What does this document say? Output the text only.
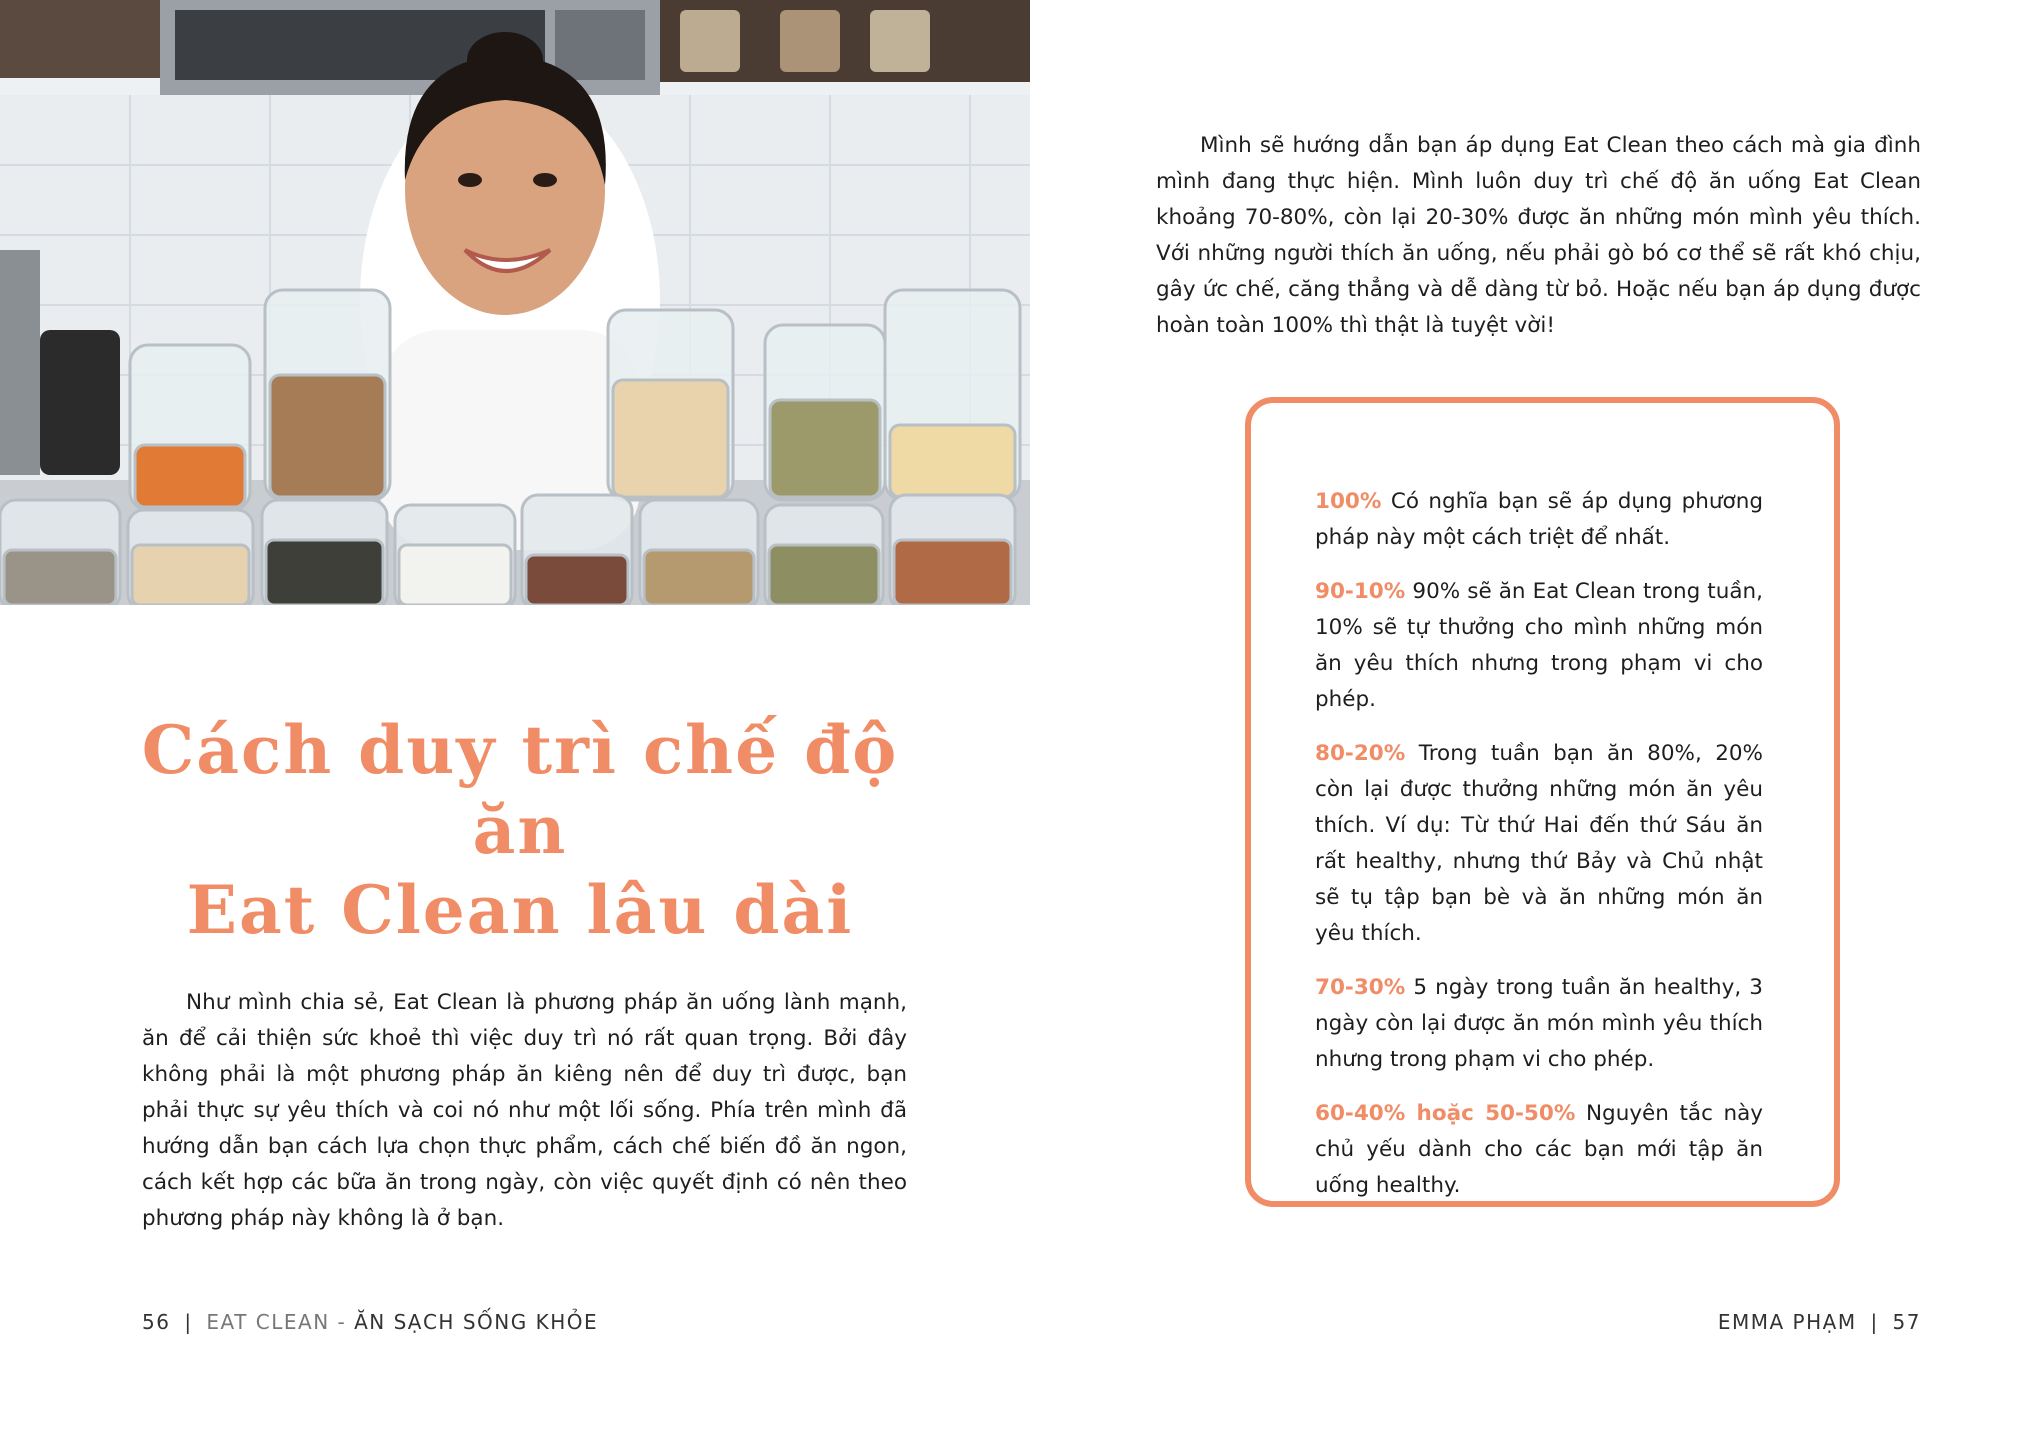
Cách duy trì chế độ ăn
Eat Clean lâu dài

Như mình chia sẻ, Eat Clean là phương pháp ăn uống lành mạnh, ăn để cải thiện sức khoẻ thì việc duy trì nó rất quan trọng. Bởi đây không phải là một phương pháp ăn kiêng nên để duy trì được, bạn phải thực sự yêu thích và coi nó như một lối sống. Phía trên mình đã hướng dẫn bạn cách lựa chọn thực phẩm, cách chế biến đồ ăn ngon, cách kết hợp các bữa ăn trong ngày, còn việc quyết định có nên theo phương pháp này không là ở bạn.

Mình sẽ hướng dẫn bạn áp dụng Eat Clean theo cách mà gia đình mình đang thực hiện. Mình luôn duy trì chế độ ăn uống Eat Clean khoảng 70-80%, còn lại 20-30% được ăn những món mình yêu thích. Với những người thích ăn uống, nếu phải gò bó cơ thể sẽ rất khó chịu, gây ức chế, căng thẳng và dễ dàng từ bỏ. Hoặc nếu bạn áp dụng được hoàn toàn 100% thì thật là tuyệt vời!

100% Có nghĩa bạn sẽ áp dụng phương pháp này một cách triệt để nhất.

90-10% 90% sẽ ăn Eat Clean trong tuần, 10% sẽ tự thưởng cho mình những món ăn yêu thích nhưng trong phạm vi cho phép.

80-20% Trong tuần bạn ăn 80%, 20% còn lại được thưởng những món ăn yêu thích. Ví dụ: Từ thứ Hai đến thứ Sáu ăn rất healthy, nhưng thứ Bảy và Chủ nhật sẽ tụ tập bạn bè và ăn những món ăn yêu thích.

70-30% 5 ngày trong tuần ăn healthy, 3 ngày còn lại được ăn món mình yêu thích nhưng trong phạm vi cho phép.

60-40% hoặc 50-50% Nguyên tắc này chủ yếu dành cho các bạn mới tập ăn uống healthy.

56 | EAT CLEAN - ĂN SẠCH SỐNG KHỎE	EMMA PHẠM | 57
